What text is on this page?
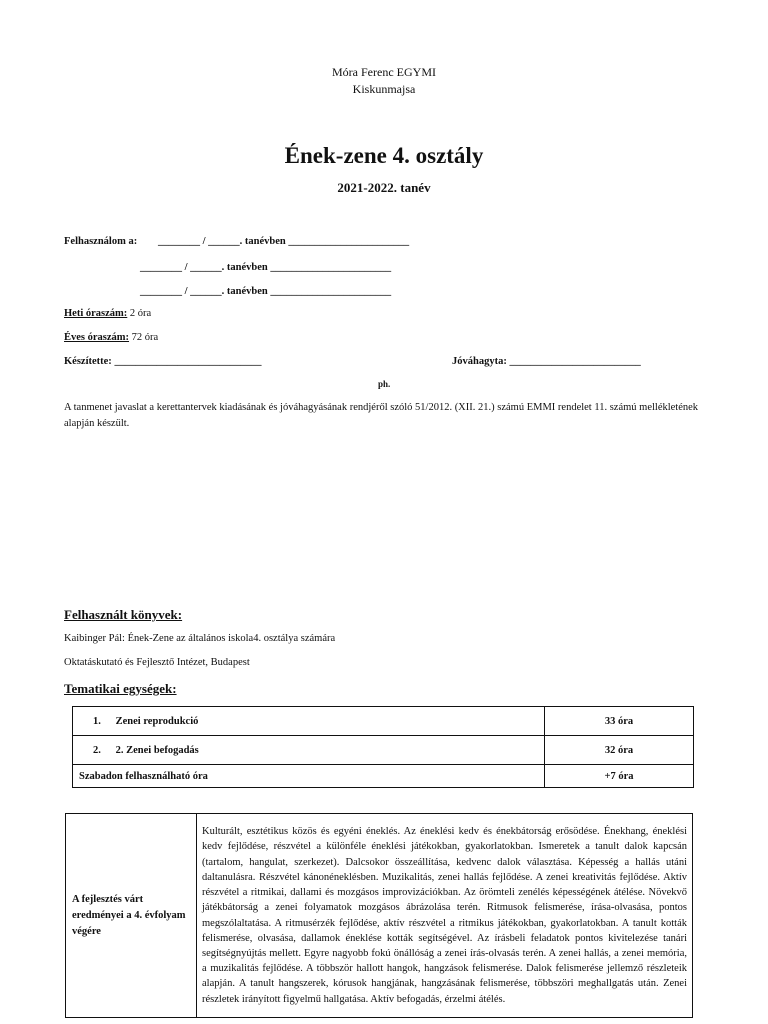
Móra Ferenc EGYMI
Kiskunmajsa
Ének-zene 4. osztály
2021-2022. tanév
Felhasználom a: ________ / ______. tanévben _______________________
________ / ______. tanévben _______________________
________ / ______. tanévben _______________________
Heti óraszám: 2 óra
Éves óraszám: 72 óra
Készítette: ____________________________	Jóváhagyta: _________________________
ph.
A tanmenet javaslat a kerettantervek kiadásának és jóváhagyásának rendjéről szóló 51/2012. (XII. 21.) számú EMMI rendelet 11. számú mellékletének alapján készült.
Felhasznált könyvek:
Kaibinger Pál: Ének-Zene az általános iskola4. osztálya számára
Oktatáskutató és Fejlesztő Intézet, Budapest
Tematikai egységek:
1. Zenei reprodukció	33 óra
2. 2. Zenei befogadás	32 óra
Szabadon felhasználható óra	+7 óra
A fejlesztés várt eredményei a 4. évfolyam végére	Kulturált, esztétikus közös és egyéni éneklés. Az éneklési kedv és énekbátorság erősödése. Énekhang, éneklési kedv fejlődése, részvétel a különféle éneklési játékokban, gyakorlatokban. Ismeretek a tanult dalok kapcsán (tartalom, hangulat, szerkezet). Dalcsokor összeállítása, kedvenc dalok választása. Képesség a hallás utáni daltanulásra. Részvétel kánonéneklésben. Muzikalitás, zenei hallás fejlődése. A zenei kreativitás fejlődése. Aktív részvétel a ritmikai, dallami és mozgásos improvizációkban. Az örömteli zenélés képességének átélése. Növekvő játékbátorság a zenei folyamatok mozgásos ábrázolása terén. Ritmusok felismerése, írása-olvasása, pontos megszólaltatása. A ritmusérzék fejlődése, aktív részvétel a ritmikus játékokban, gyakorlatokban. A tanult kották felismerése, olvasása, dallamok éneklése kották segítségével. Az írásbeli feladatok pontos kivitelezése tanári segítségnyújtás mellett. Egyre nagyobb fokú önállóság a zenei írás-olvasás terén. A zenei hallás, a zenei memória, a muzikalitás fejlődése. A többször hallott hangok, hangzások felismerése. Dalok felismerése jellemző részleteik alapján. A tanult hangszerek, kórusok hangjának, hangzásának felismerése, többszöri meghallgatás után. Zenei részletek irányított figyelmű hallgatása. Aktív befogadás, érzelmi átélés.
